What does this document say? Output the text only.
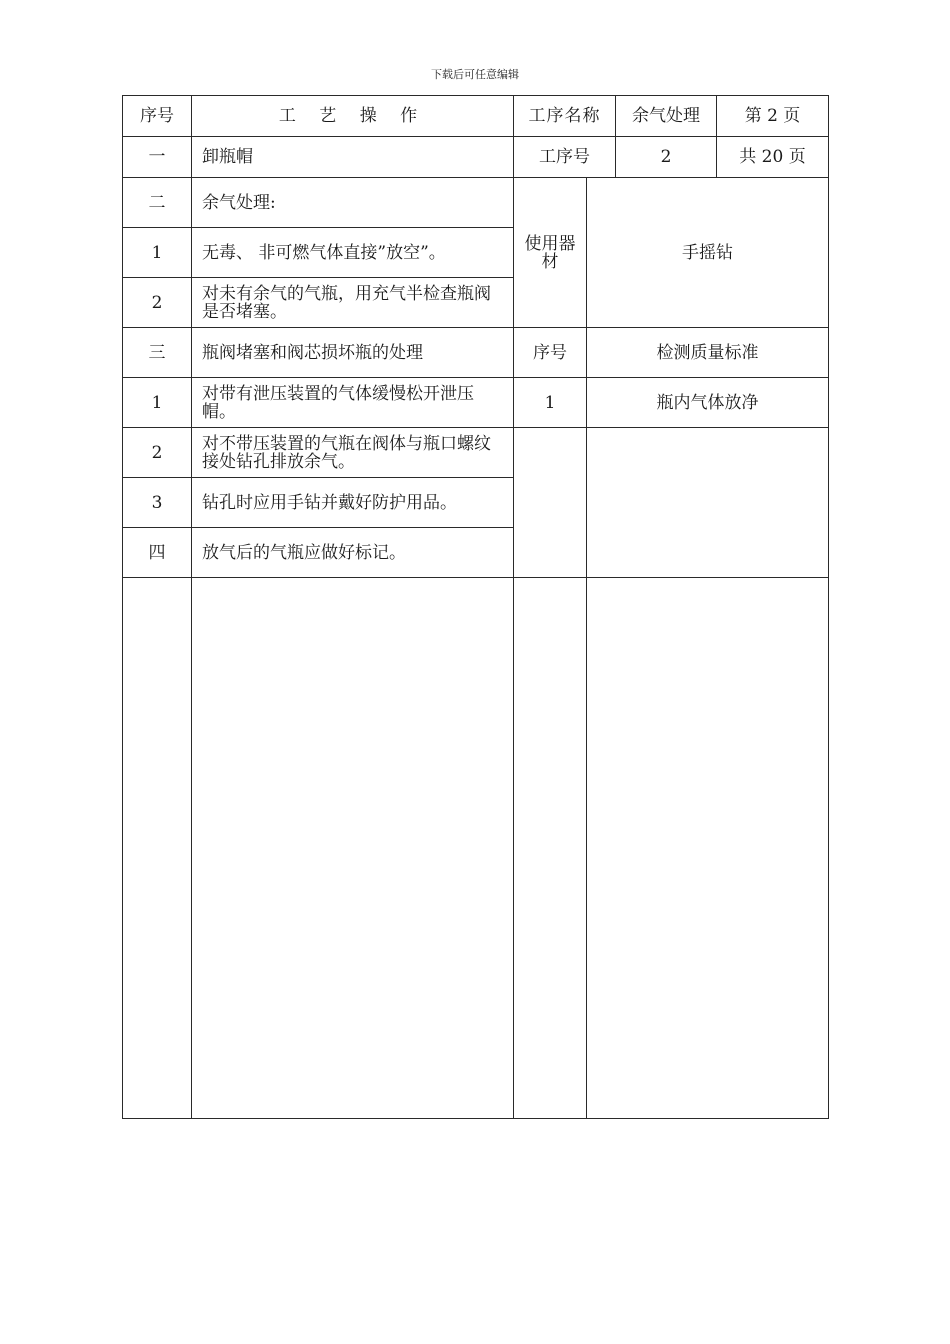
下载后可任意编辑
序号	工 艺 操 作	工序名称		余气处理	第 2 页
一	卸瓶帽	工序号		2	共 20 页
二	余气处理:	使用器材	手摇钻		
1	无毒、 非可燃气体直接”放空”。				
2	对未有余气的气瓶，用充气半检查瓶阀是否堵塞。				
三	瓶阀堵塞和阀芯损坏瓶的处理	序号	检测质量标准		
1	对带有泄压装置的气体缓慢松开泄压帽。	1	瓶内气体放净		
2	对不带压装置的气瓶在阀体与瓶口螺纹接处钻孔排放余气。				
3	钻孔时应用手钻并戴好防护用品。				
四	放气后的气瓶应做好标记。				
